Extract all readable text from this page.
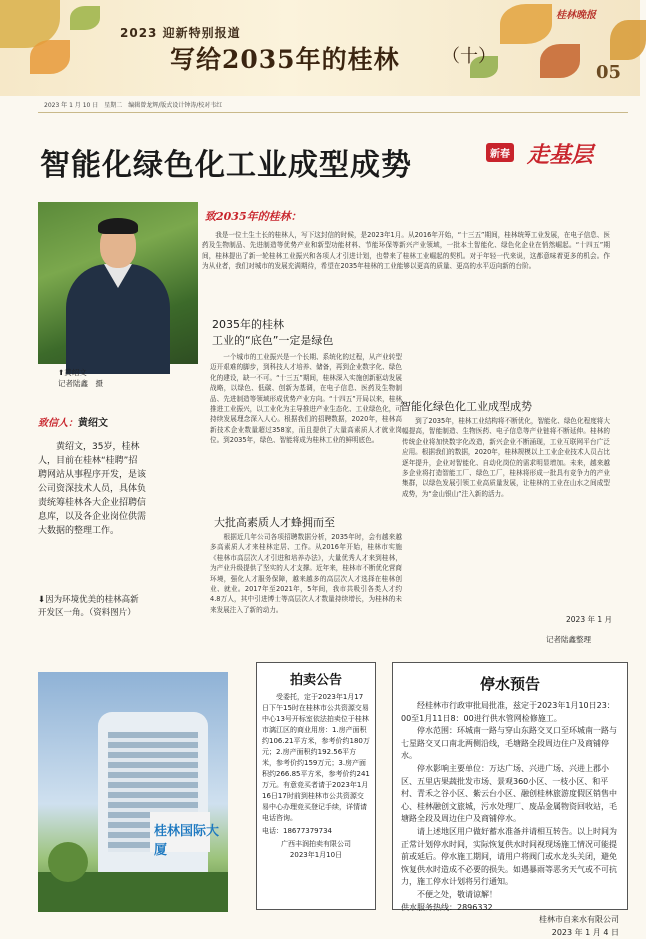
2023 迎新特别报道
写给2035年的桂林 （十）
桂林晚报
05
2023 年 1 月 10 日　星期二　编辑曾龙辉/版式设计钟涛/校对韦红
智能化绿色化工业成型成势	新春 走基层
⬆黄绍文
记者陆鑫　摄
致2035年的桂林：
　　我是一位土生土长的桂林人，写下这封信的时候，是2023年1月。从2016年开始，“十三五”期间，桂林统筹工业发展，在电子信息、医药及生物制品、先进制造等优势产业和新型功能材料、节能环保等新兴产业领域，一批本土智能化、绿色化企业在悄然崛起。“十四五”期间，桂林提出了新一轮桂林工业振兴和各项人才引进计划，也带来了桂林工业崛起的契机。对于年轻一代来说，这都意味着更多的机会。作为从业者，我们对城市的发展充满期待，希望在2035年桂林的工业能够以更高的质量、更高的水平迈向新的台阶。
致信人：黄绍文
　　黄绍文，35岁，桂林人，目前在桂林“桂聘”招聘网站从事程序开发，是该公司资深技术人员，具体负责统筹桂林各大企业招聘信息库，以及各企业岗位供需大数据的整理工作。
2035年的桂林
工业的“底色”一定是绿色
　　一个城市的工业振兴是一个长期、系统化的过程，从产业转型迈开艰难的脚步，到科技人才培养、储备，再到企业数字化、绿色化的建设，缺一不可。“十三五”期间，桂林深入实施创新驱动发展战略，以绿色、低碳、创新为基调，在电子信息、医药及生物制品、先进制造等领域形成优势产业方向。“十四五”开局以来，桂林推进工业振兴，以工业化为主导推进产业生态化、工业绿色化，可持续发展理念深入人心。根据我们的招聘数据，2020年，桂林高新技术企业数量超过358家，而且提供了大量高素质人才就业岗位。到2035年，绿色、智能将成为桂林工业的鲜明底色。
大批高素质人才蜂拥而至
　　根据近几年公司各项招聘数据分析，2035年时，会有越来越多高素质人才来桂林定居、工作。从2016年开始，桂林市实施《桂林市高层次人才引进和培养办法》，大量优秀人才来到桂林，为产业升级提供了坚实的人才支撑。近年来，桂林市不断优化营商环境，强化人才服务保障，越来越多的高层次人才选择在桂林创业、就业。2017年至2021年，5年间，我市共吸引各类人才约4.8万人，其中引进博士等高层次人才数量持续增长，为桂林的未来发展注入了新的动力。
智能化绿色化工业成型成势
　　到了2035年，桂林工业结构将不断优化，智能化、绿色化程度将大幅提高，智能制造、生物医药、电子信息等产业链将不断延伸。桂林的传统企业将加快数字化改造，新兴企业不断涌现，工业互联网平台广泛应用。根据我们的数据，2020年，桂林规模以上工业企业技术人员占比逐年提升，企业对智能化、自动化岗位的需求明显增加。未来，越来越多企业将打造智能工厂、绿色工厂，桂林将形成一批具有竞争力的产业集群，以绿色发展引领工业高质量发展，让桂林的工业在山水之间成型成势，为“金山银山”注入新的活力。
2023 年 1 月
记者陆鑫整理
桂林国际大厦
⬇因为环境优美的桂林高新开发区一角。（资料图片）
拍卖公告
　　受委托，定于2023年1月17日下午15时在桂林市公共资源交易中心13号开标室依法拍卖位于桂林市漓江区的商业用房：1.房产面积约106.21平方米，参考价约180万元；2.房产面积约192.56平方米，参考价约159万元；3.房产面积约266.85平方米，参考价约241万元。有意竞买者请于2023年1月16日17时前到桂林市公共资源交易中心办理竞买登记手续，详情请电话咨询。
电话：18677379734
广西丰润拍卖有限公司
2023年1月10日
停水预告
　　经桂林市行政审批局批准，兹定于2023年1月10日23：00至1月11日8：00进行供水管网检修施工。
　　停水范围：环城南一路与穿山东路交叉口至环城南一路与七星路交叉口南北两侧沿线，毛塘路全段周边住户及商铺停水。
　　停水影响主要单位：万达广场、兴进广场、兴进上郡小区、五里店果蔬批发市场、景观360小区、一枝小区、和平村、青禾之谷小区、紫云台小区、融创桂林旅游度假区销售中心、桂林融创文旅城，污水处理厂、废品金属物资回收站，毛塘路全段及周边住户及商铺停水。
　　请上述地区用户做好蓄水准备并请相互转告。以上时间为正常计划停水时间，实际恢复供水时间视现场施工情况可能提前或延后。停水施工期间，请用户将阀门或水龙头关闭，避免恢复供水时造成不必要的损失。如遇暴雨等恶劣天气或不可抗力，施工停水计划将另行通知。
　　不便之处，敬请谅解！
供水服务热线：2896332
桂林市自来水有限公司
2023 年 1 月 4 日
